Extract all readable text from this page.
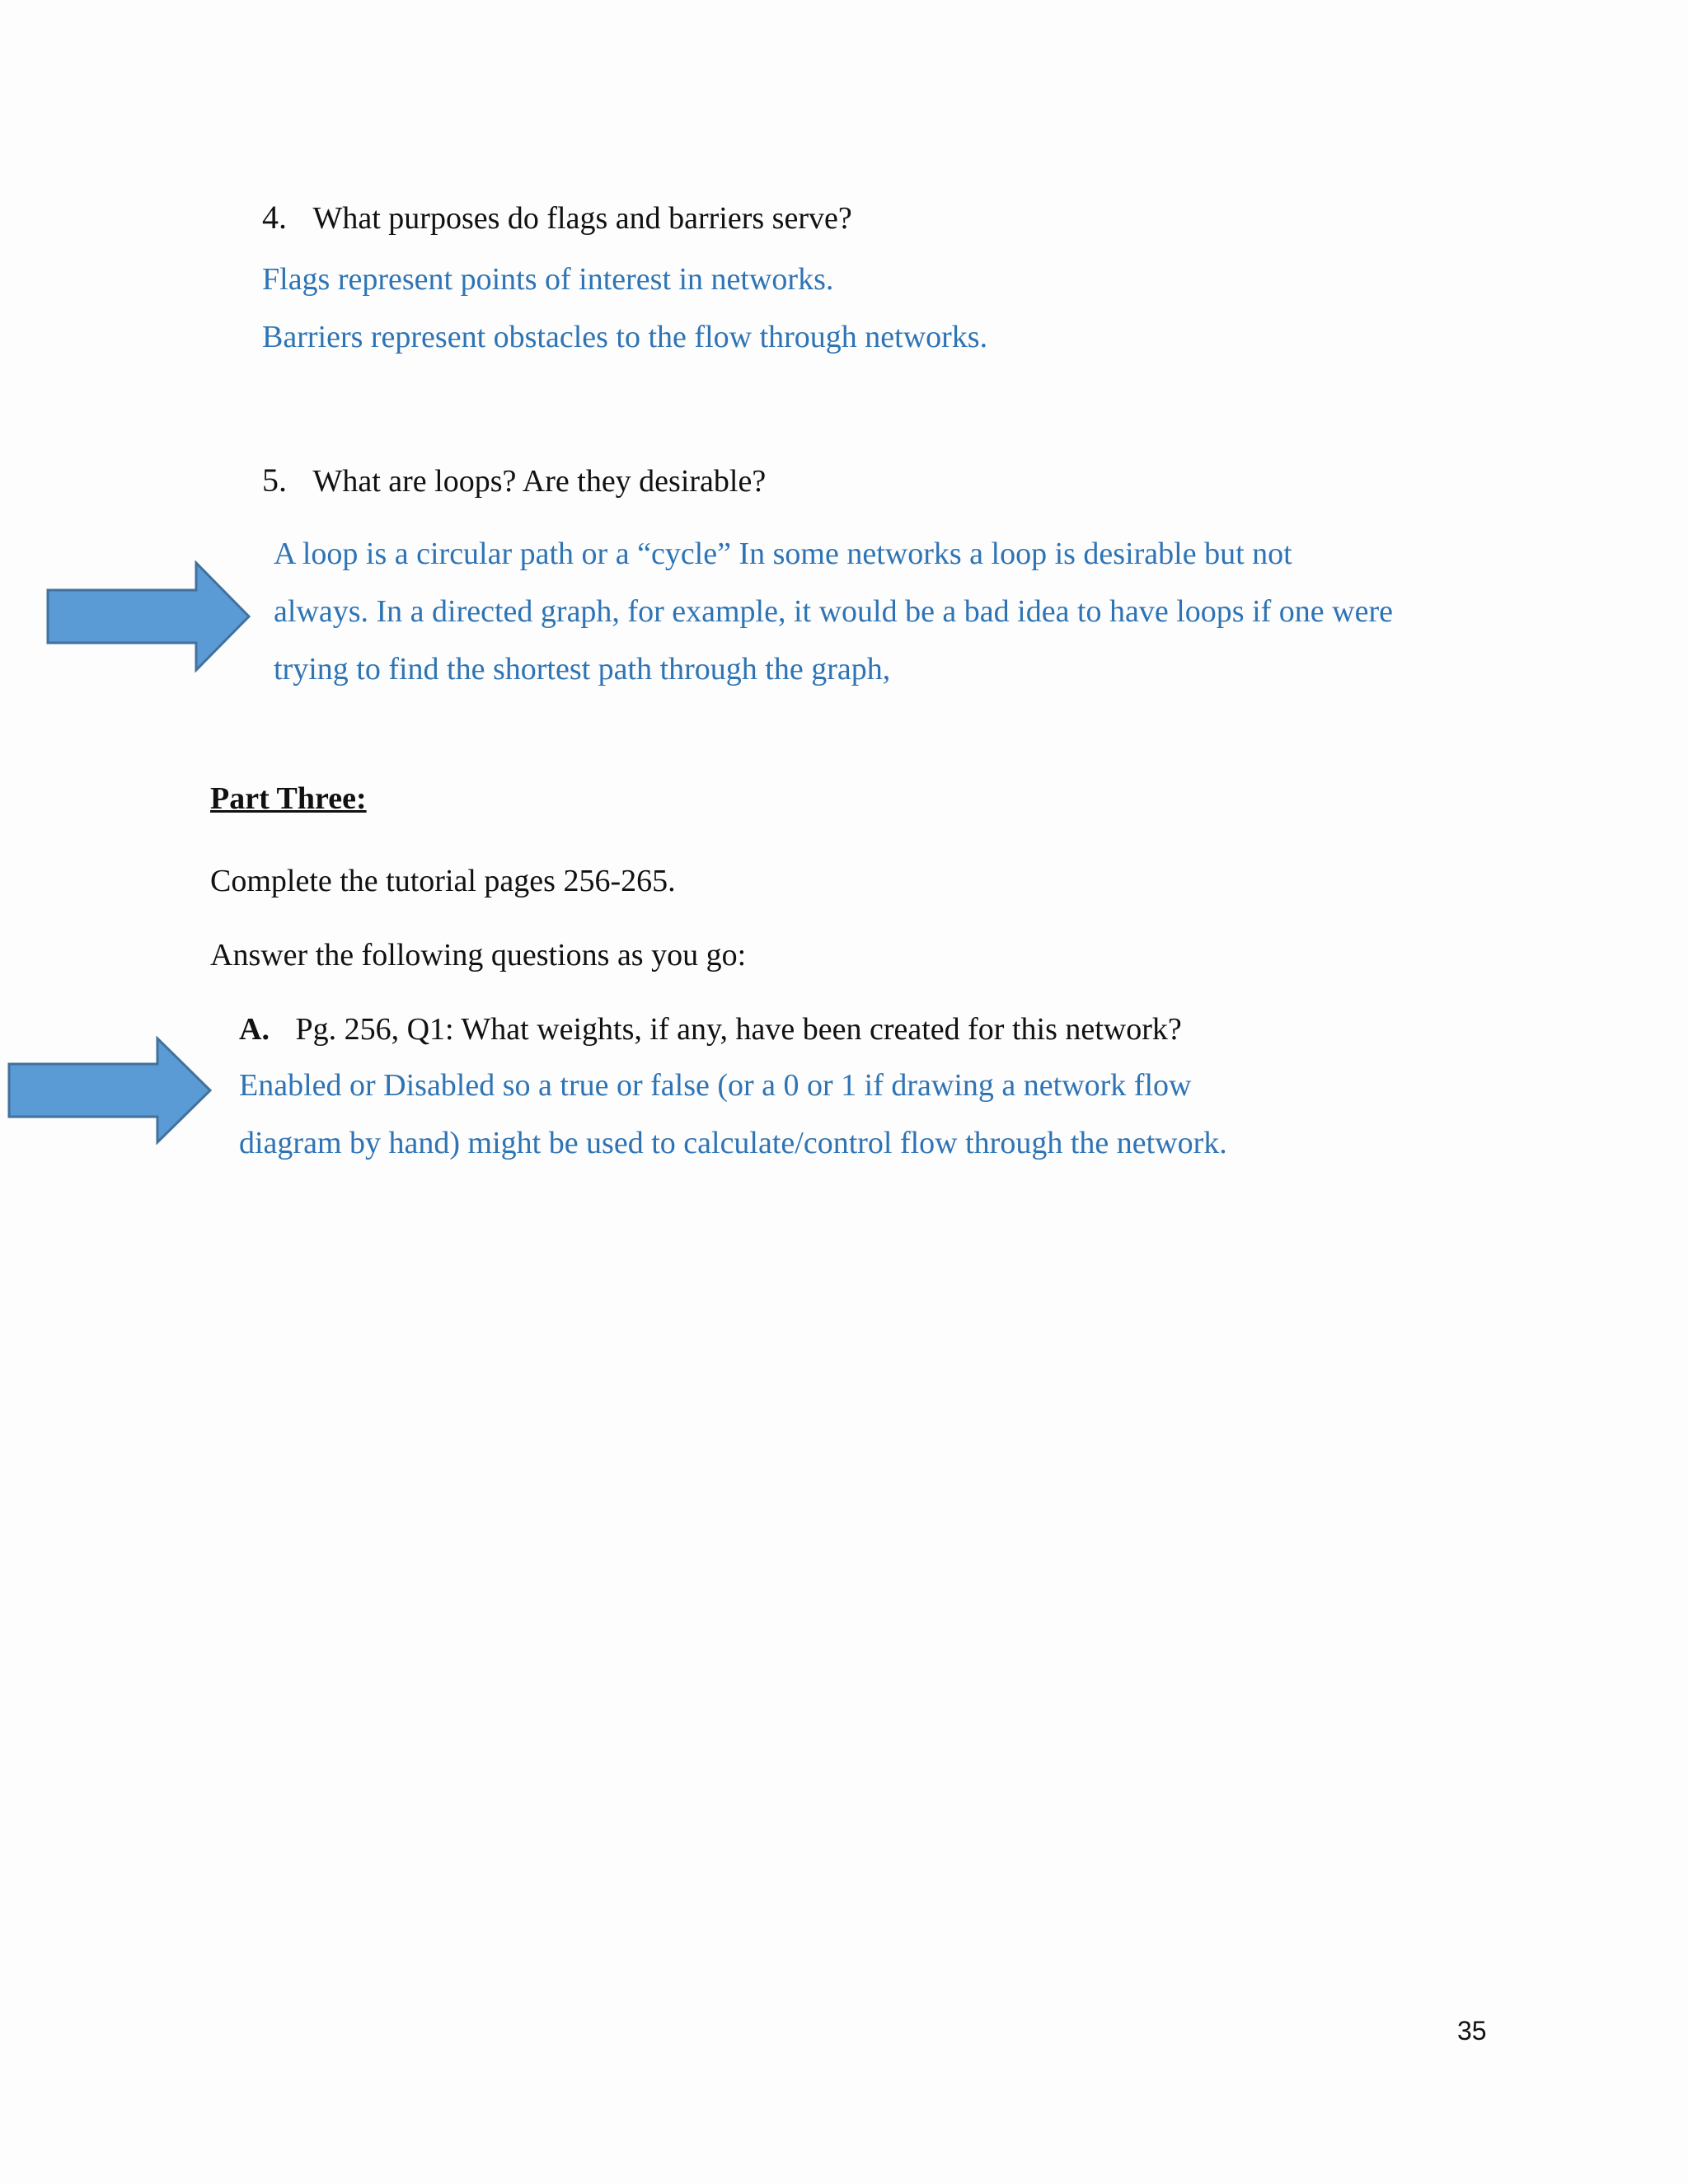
4. What purposes do flags and barriers serve?
Flags represent points of interest in networks.
Barriers represent obstacles to the flow through networks.
5. What are loops? Are they desirable?
A loop is a circular path or a “cycle” In some networks a loop is desirable but not
always. In a directed graph, for example, it would be a bad idea to have loops if one were
trying to find the shortest path through the graph,
Part Three:
Complete the tutorial pages 256-265.
Answer the following questions as you go:
A. Pg. 256, Q1: What weights, if any, have been created for this network?
Enabled or Disabled so a true or false (or a 0 or 1 if drawing a network flow
diagram by hand) might be used to calculate/control flow through the network.
35
